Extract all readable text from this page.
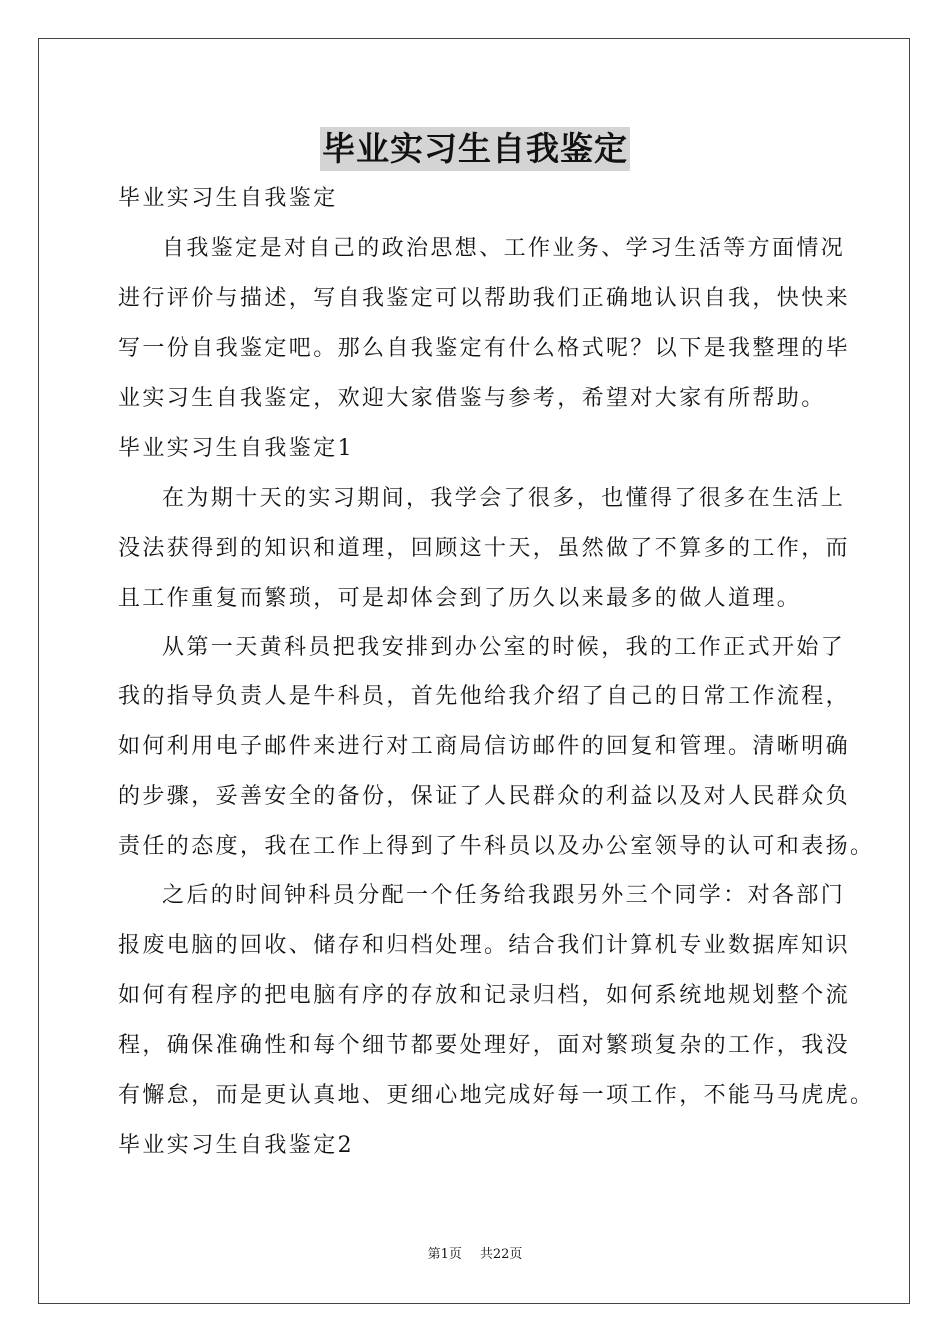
毕业实习生自我鉴定
毕业实习生自我鉴定
自我鉴定是对自己的政治思想、工作业务、学习生活等方面情况
进行评价与描述，写自我鉴定可以帮助我们正确地认识自我，快快来
写一份自我鉴定吧。那么自我鉴定有什么格式呢？以下是我整理的毕
业实习生自我鉴定，欢迎大家借鉴与参考，希望对大家有所帮助。
毕业实习生自我鉴定1
在为期十天的实习期间，我学会了很多，也懂得了很多在生活上
没法获得到的知识和道理，回顾这十天，虽然做了不算多的工作，而
且工作重复而繁琐，可是却体会到了历久以来最多的做人道理。
从第一天黄科员把我安排到办公室的时候，我的工作正式开始了
我的指导负责人是牛科员，首先他给我介绍了自己的日常工作流程，
如何利用电子邮件来进行对工商局信访邮件的回复和管理。清晰明确
的步骤，妥善安全的备份，保证了人民群众的利益以及对人民群众负
责任的态度，我在工作上得到了牛科员以及办公室领导的认可和表扬。
之后的时间钟科员分配一个任务给我跟另外三个同学：对各部门
报废电脑的回收、储存和归档处理。结合我们计算机专业数据库知识
如何有程序的把电脑有序的存放和记录归档，如何系统地规划整个流
程，确保准确性和每个细节都要处理好，面对繁琐复杂的工作，我没
有懈怠，而是更认真地、更细心地完成好每一项工作，不能马马虎虎。
毕业实习生自我鉴定2
第1页 共22页
